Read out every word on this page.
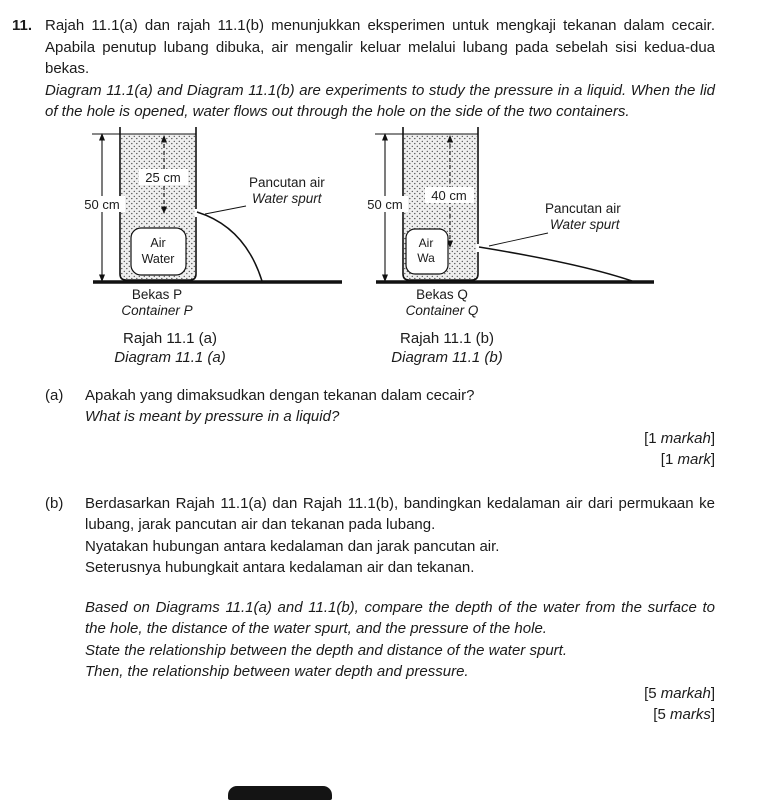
11. Rajah 11.1(a) dan rajah 11.1(b) menunjukkan eksperimen untuk mengkaji tekanan dalam cecair. Apabila penutup lubang dibuka, air mengalir keluar melalui lubang pada sebelah sisi kedua-dua bekas.
Diagram 11.1(a) and Diagram 11.1(b) are experiments to study the pressure in a liquid. When the lid of the hole is opened, water flows out through the hole on the side of the two containers.
50 cm
25 cm	Pancutan air
Water spurt
Air
Water
50 cm
40 cm
Pancutan air
Water spurt
Air
Wa
Bekas P
Container P
Bekas Q
Container Q
Rajah 11.1 (a)
Diagram 11.1 (a)
Rajah 11.1 (b)
Diagram 11.1 (b)
(a)	Apakah yang dimaksudkan dengan tekanan dalam cecair?
What is meant by pressure in a liquid?
[1 markah]
[1 mark]
(b)	Berdasarkan Rajah 11.1(a) dan Rajah 11.1(b), bandingkan kedalaman air dari permukaan ke lubang, jarak pancutan air dan tekanan pada lubang.
Nyatakan hubungan antara kedalaman dan jarak pancutan air.
Seterusnya hubungkait antara kedalaman air dan tekanan.
Based on Diagrams 11.1(a) and 11.1(b), compare the depth of the water from the surface to the hole, the distance of the water spurt, and the pressure of the hole.
State the relationship between the depth and distance of the water spurt.
Then, the relationship between water depth and pressure.
[5 markah]
[5 marks]
